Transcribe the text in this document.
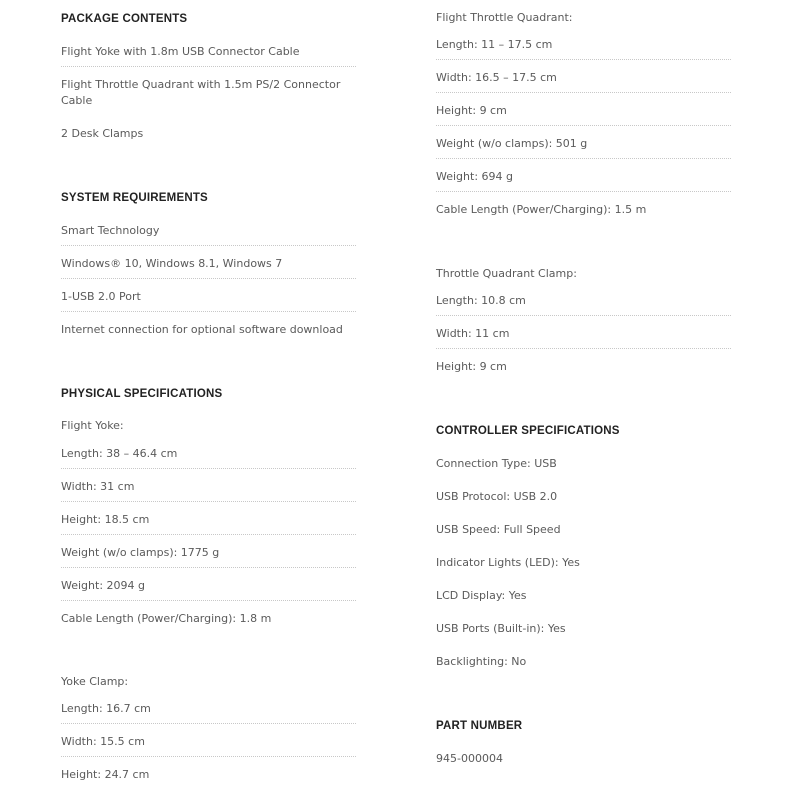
PACKAGE CONTENTS
Flight Yoke with 1.8m USB Connector Cable
Flight Throttle Quadrant with 1.5m PS/2 Connector Cable
2 Desk Clamps
SYSTEM REQUIREMENTS
Smart Technology
Windows® 10, Windows 8.1, Windows 7
1-USB 2.0 Port
Internet connection for optional software download
PHYSICAL SPECIFICATIONS
Flight Yoke:
Length: 38 – 46.4 cm
Width: 31 cm
Height: 18.5 cm
Weight (w/o clamps): 1775 g
Weight: 2094 g
Cable Length (Power/Charging): 1.8 m
Yoke Clamp:
Length: 16.7 cm
Width: 15.5 cm
Height: 24.7 cm
Flight Throttle Quadrant:
Length: 11 – 17.5 cm
Width: 16.5 – 17.5 cm
Height: 9 cm
Weight (w/o clamps): 501 g
Weight: 694 g
Cable Length (Power/Charging): 1.5 m
Throttle Quadrant Clamp:
Length: 10.8 cm
Width: 11 cm
Height: 9 cm
CONTROLLER SPECIFICATIONS
Connection Type: USB
USB Protocol: USB 2.0
USB Speed: Full Speed
Indicator Lights (LED): Yes
LCD Display: Yes
USB Ports (Built-in): Yes
Backlighting: No
PART NUMBER
945-000004
